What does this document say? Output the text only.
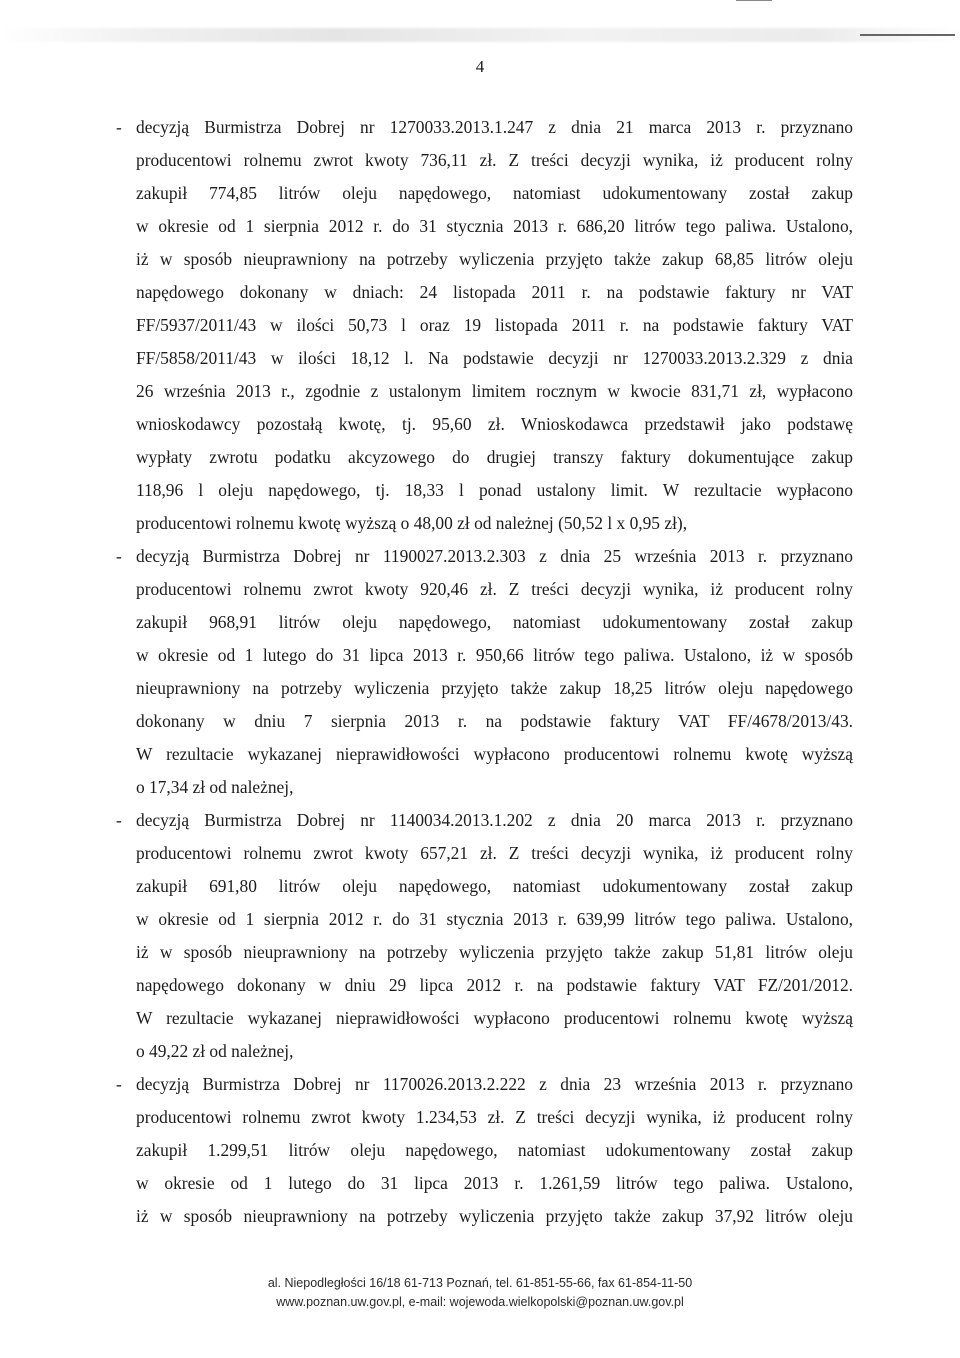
4
- decyzją Burmistrza Dobrej nr 1270033.2013.1.247 z dnia 21 marca 2013 r. przyznano
producentowi rolnemu zwrot kwoty 736,11 zł. Z treści decyzji wynika, iż producent rolny
zakupił 774,85 litrów oleju napędowego, natomiast udokumentowany został zakup
w okresie od 1 sierpnia 2012 r. do 31 stycznia 2013 r. 686,20 litrów tego paliwa. Ustalono,
iż w sposób nieuprawniony na potrzeby wyliczenia przyjęto także zakup 68,85 litrów oleju
napędowego dokonany w dniach: 24 listopada 2011 r. na podstawie faktury nr VAT
FF/5937/2011/43 w ilości 50,73 l oraz 19 listopada 2011 r. na podstawie faktury VAT
FF/5858/2011/43 w ilości 18,12 l. Na podstawie decyzji nr 1270033.2013.2.329 z dnia
26 września 2013 r., zgodnie z ustalonym limitem rocznym w kwocie 831,71 zł, wypłacono
wnioskodawcy pozostałą kwotę, tj. 95,60 zł. Wnioskodawca przedstawił jako podstawę
wypłaty zwrotu podatku akcyzowego do drugiej transzy faktury dokumentujące zakup
118,96 l oleju napędowego, tj. 18,33 l ponad ustalony limit. W rezultacie wypłacono
producentowi rolnemu kwotę wyższą o 48,00 zł od należnej (50,52 l x 0,95 zł),
- decyzją Burmistrza Dobrej nr 1190027.2013.2.303 z dnia 25 września 2013 r. przyznano
producentowi rolnemu zwrot kwoty 920,46 zł. Z treści decyzji wynika, iż producent rolny
zakupił 968,91 litrów oleju napędowego, natomiast udokumentowany został zakup
w okresie od 1 lutego do 31 lipca 2013 r. 950,66 litrów tego paliwa. Ustalono, iż w sposób
nieuprawniony na potrzeby wyliczenia przyjęto także zakup 18,25 litrów oleju napędowego
dokonany w dniu 7 sierpnia 2013 r. na podstawie faktury VAT FF/4678/2013/43.
W rezultacie wykazanej nieprawidłowości wypłacono producentowi rolnemu kwotę wyższą
o 17,34 zł od należnej,
- decyzją Burmistrza Dobrej nr 1140034.2013.1.202 z dnia 20 marca 2013 r. przyznano
producentowi rolnemu zwrot kwoty 657,21 zł. Z treści decyzji wynika, iż producent rolny
zakupił 691,80 litrów oleju napędowego, natomiast udokumentowany został zakup
w okresie od 1 sierpnia 2012 r. do 31 stycznia 2013 r. 639,99 litrów tego paliwa. Ustalono,
iż w sposób nieuprawniony na potrzeby wyliczenia przyjęto także zakup 51,81 litrów oleju
napędowego dokonany w dniu 29 lipca 2012 r. na podstawie faktury VAT FZ/201/2012.
W rezultacie wykazanej nieprawidłowości wypłacono producentowi rolnemu kwotę wyższą
o 49,22 zł od należnej,
- decyzją Burmistrza Dobrej nr 1170026.2013.2.222 z dnia 23 września 2013 r. przyznano
producentowi rolnemu zwrot kwoty 1.234,53 zł. Z treści decyzji wynika, iż producent rolny
zakupił 1.299,51 litrów oleju napędowego, natomiast udokumentowany został zakup
w okresie od 1 lutego do 31 lipca 2013 r. 1.261,59 litrów tego paliwa. Ustalono,
iż w sposób nieuprawniony na potrzeby wyliczenia przyjęto także zakup 37,92 litrów oleju
al. Niepodległości 16/18 61-713 Poznań, tel. 61-851-55-66, fax 61-854-11-50
www.poznan.uw.gov.pl, e-mail: wojewoda.wielkopolski@poznan.uw.gov.pl
